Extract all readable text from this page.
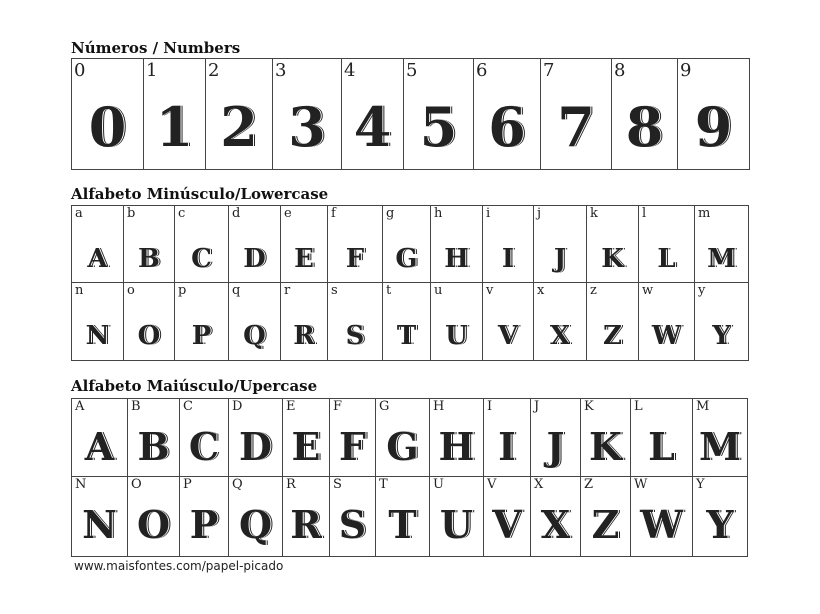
Números / Numbers
0
0
1
1
2
2
3
3
4
4
5
5
6
6
7
7
8
8
9
9
Alfabeto Minúsculo/Lowercase
a
A
b
B
c
C
d
D
e
E
f
F
g
G
h
H
i
I
j
J
k
K
l
L
m
M
n
N
o
O
p
P
q
Q
r
R
s
S
t
T
u
U
v
V
x
X
z
Z
w
W
y
Y
Alfabeto Maiúsculo/Upercase
A
A
B
B
C
C
D
D
E
E
F
F
G
G
H
H
I
I
J
J
K
K
L
L
M
M
N
N
O
O
P
P
Q
Q
R
R
S
S
T
T
U
U
V
V
X
X
Z
Z
W
W
Y
Y
www.maisfontes.com/papel-picado
